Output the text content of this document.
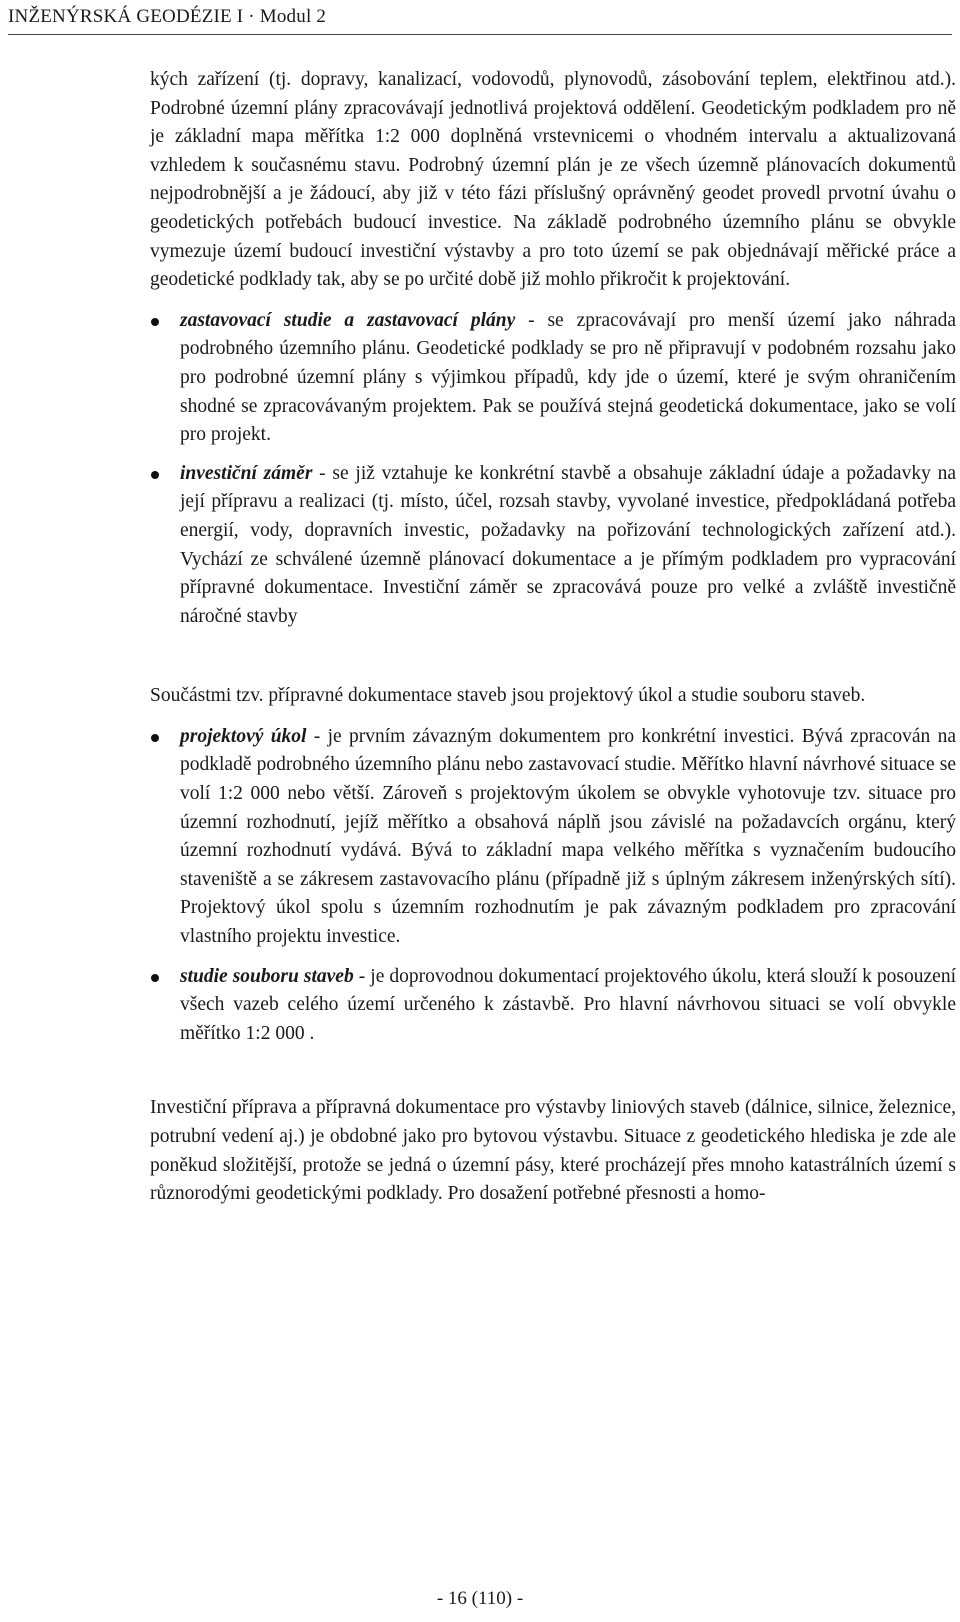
INŽENÝRSKÁ GEODÉZIE I · Modul 2

kých zařízení (tj. dopravy, kanalizací, vodovodů, plynovodů, zásobování teplem, elektřinou atd.). Podrobné územní plány zpracovávají jednotlivá projektová oddělení. Geodetickým podkladem pro ně je základní mapa měřítka 1:2 000 doplněná vrstevnicemi o vhodném intervalu a aktualizovaná vzhledem k současnému stavu. Podrobný územní plán je ze všech územně plánovacích dokumentů nejpodrobnější a je žádoucí, aby již v této fázi příslušný oprávněný geodet provedl prvotní úvahu o geodetických potřebách budoucí investice. Na základě podrobného územního plánu se obvykle vymezuje území budoucí investiční výstavby a pro toto území se pak objednávají měřické práce a geodetické podklady tak, aby se po určité době již mohlo přikročit k projektování.

zastavovací studie a zastavovací plány - se zpracovávají pro menší území jako náhrada podrobného územního plánu. Geodetické podklady se pro ně připravují v podobném rozsahu jako pro podrobné územní plány s výjimkou případů, kdy jde o území, které je svým ohraničením shodné se zpracovávaným projektem. Pak se používá stejná geodetická dokumentace, jako se volí pro projekt.
investiční záměr - se již vztahuje ke konkrétní stavbě a obsahuje základní údaje a požadavky na její přípravu a realizaci (tj. místo, účel, rozsah stavby, vyvolané investice, předpokládaná potřeba energií, vody, dopravních investic, požadavky na pořizování technologických zařízení atd.). Vychází ze schválené územně plánovací dokumentace a je přímým podkladem pro vypracování přípravné dokumentace. Investiční záměr se zpracovává pouze pro velké a zvláště investičně náročné stavby

Součástmi tzv. přípravné dokumentace staveb jsou projektový úkol a studie souboru staveb.

projektový úkol - je prvním závazným dokumentem pro konkrétní investici. Bývá zpracován na podkladě podrobného územního plánu nebo zastavovací studie. Měřítko hlavní návrhové situace se volí 1:2 000 nebo větší. Zároveň s projektovým úkolem se obvykle vyhotovuje tzv. situace pro územní rozhodnutí, jejíž měřítko a obsahová náplň jsou závislé na požadavcích orgánu, který územní rozhodnutí vydává. Bývá to základní mapa velkého měřítka s vyznačením budoucího staveniště a se zákresem zastavovacího plánu (případně již s úplným zákresem inženýrských sítí). Projektový úkol spolu s územním rozhodnutím je pak závazným podkladem pro zpracování vlastního projektu investice.
studie souboru staveb - je doprovodnou dokumentací projektového úkolu, která slouží k posouzení všech vazeb celého území určeného k zástavbě. Pro hlavní návrhovou situaci se volí obvykle měřítko 1:2 000 .

Investiční příprava a přípravná dokumentace pro výstavby liniových staveb (dálnice, silnice, železnice, potrubní vedení aj.) je obdobné jako pro bytovou výstavbu. Situace z geodetického hlediska je zde ale poněkud složitější, protože se jedná o územní pásy, které procházejí přes mnoho katastrálních území s různorodými geodetickými podklady. Pro dosažení potřebné přesnosti a homo-

- 16 (110) -
